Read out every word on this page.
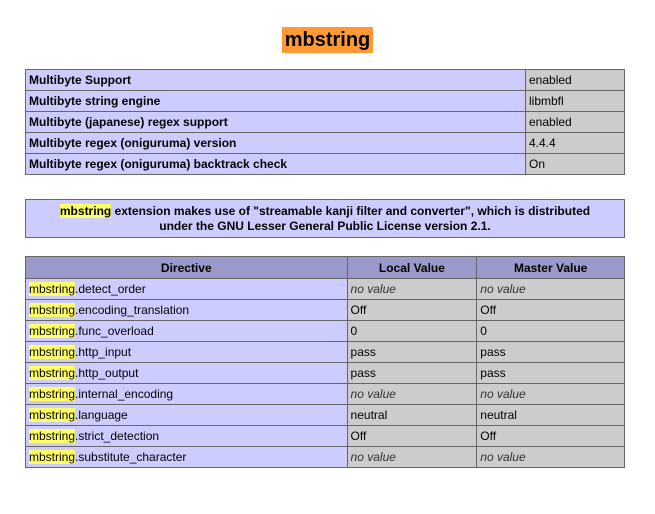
mbstring
Multibyte Support	enabled
Multibyte string engine	libmbfl
Multibyte (japanese) regex support	enabled
Multibyte regex (oniguruma) version	4.4.4
Multibyte regex (oniguruma) backtrack check	On
mbstring extension makes use of "streamable kanji filter and converter", which is distributed
under the GNU Lesser General Public License version 2.1.
Directive	Local Value	Master Value
mbstring.detect_order	no value	no value
mbstring.encoding_translation	Off	Off
mbstring.func_overload	0	0
mbstring.http_input	pass	pass
mbstring.http_output	pass	pass
mbstring.internal_encoding	no value	no value
mbstring.language	neutral	neutral
mbstring.strict_detection	Off	Off
mbstring.substitute_character	no value	no value
